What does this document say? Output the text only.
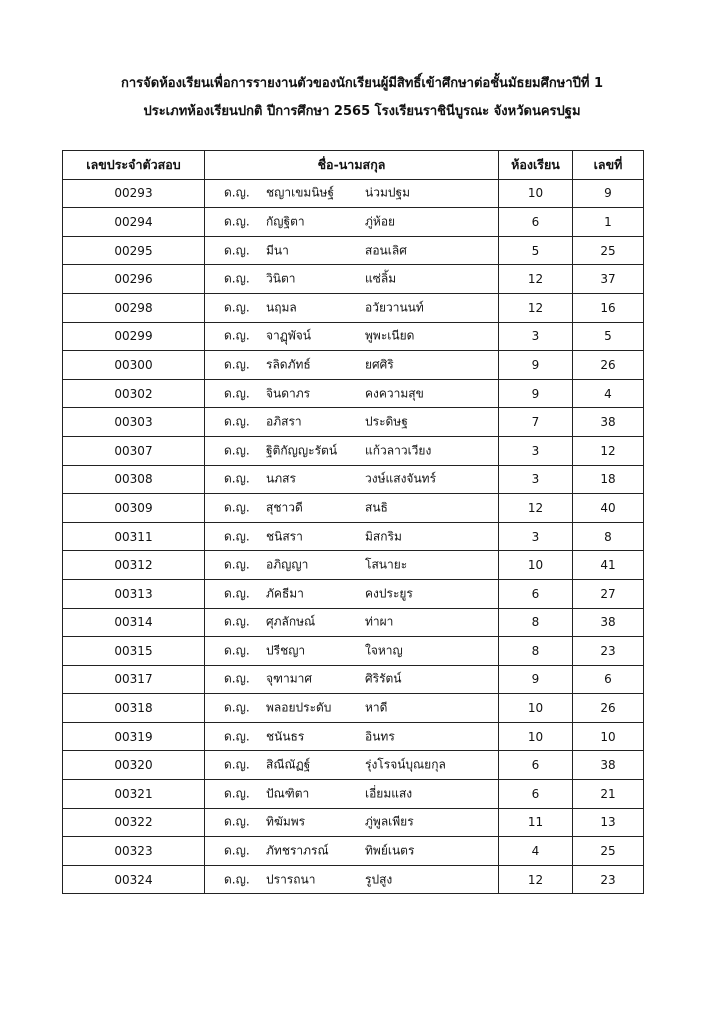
การจัดห้องเรียนเพื่อการรายงานตัวของนักเรียนผู้มีสิทธิ์เข้าศึกษาต่อชั้นมัธยมศึกษาปีที่ 1
ประเภทห้องเรียนปกติ ปีการศึกษา 2565 โรงเรียนราชินีบูรณะ จังหวัดนครปฐม
เลขประจำตัวสอบ	ชื่อ-นามสกุล	ห้องเรียน	เลขที่
00293	ด.ญ. ชญาเขมนิษฐ์ น่วมปฐม	10	9
00294	ด.ญ. กัญฐิตา ภู่ห้อย	6	1
00295	ด.ญ. มีนา สอนเลิศ	5	25
00296	ด.ญ. วินิตา แซ่ลิ้ม	12	37
00298	ด.ญ. นฤมล อวัยวานนท์	12	16
00299	ด.ญ. จาฏุพัจน์ พูพะเนียด	3	5
00300	ด.ญ. รลิดภัทธ์ ยศศิริ	9	26
00302	ด.ญ. จินดาภร คงความสุข	9	4
00303	ด.ญ. อภิสรา ประดิษฐ	7	38
00307	ด.ญ. ฐิติกัญญะรัตน์ แก้วลาวเวียง	3	12
00308	ด.ญ. นภสร วงษ์แสงจันทร์	3	18
00309	ด.ญ. สุชาวดี สนธิ	12	40
00311	ด.ญ. ชนิสรา มิสกริม	3	8
00312	ด.ญ. อภิญญา โสนายะ	10	41
00313	ด.ญ. ภัคธีมา คงประยูร	6	27
00314	ด.ญ. ศุภลักษณ์ ท่าผา	8	38
00315	ด.ญ. ปรีชญา ใจหาญ	8	23
00317	ด.ญ. จุฑามาศ ศิริรัตน์	9	6
00318	ด.ญ. พลอยประดับ หาดี	10	26
00319	ด.ญ. ชนันธร อินทร	10	10
00320	ด.ญ. สิณีณัฏฐ์ รุ่งโรจน์บุณยกุล	6	38
00321	ด.ญ. ปัณฑิตา เอี่ยมแสง	6	21
00322	ด.ญ. ทิฆัมพร ภู่พูลเพียร	11	13
00323	ด.ญ. ภัทชราภรณ์ ทิพย์เนตร	4	25
00324	ด.ญ. ปรารถนา รูปสูง	12	23
